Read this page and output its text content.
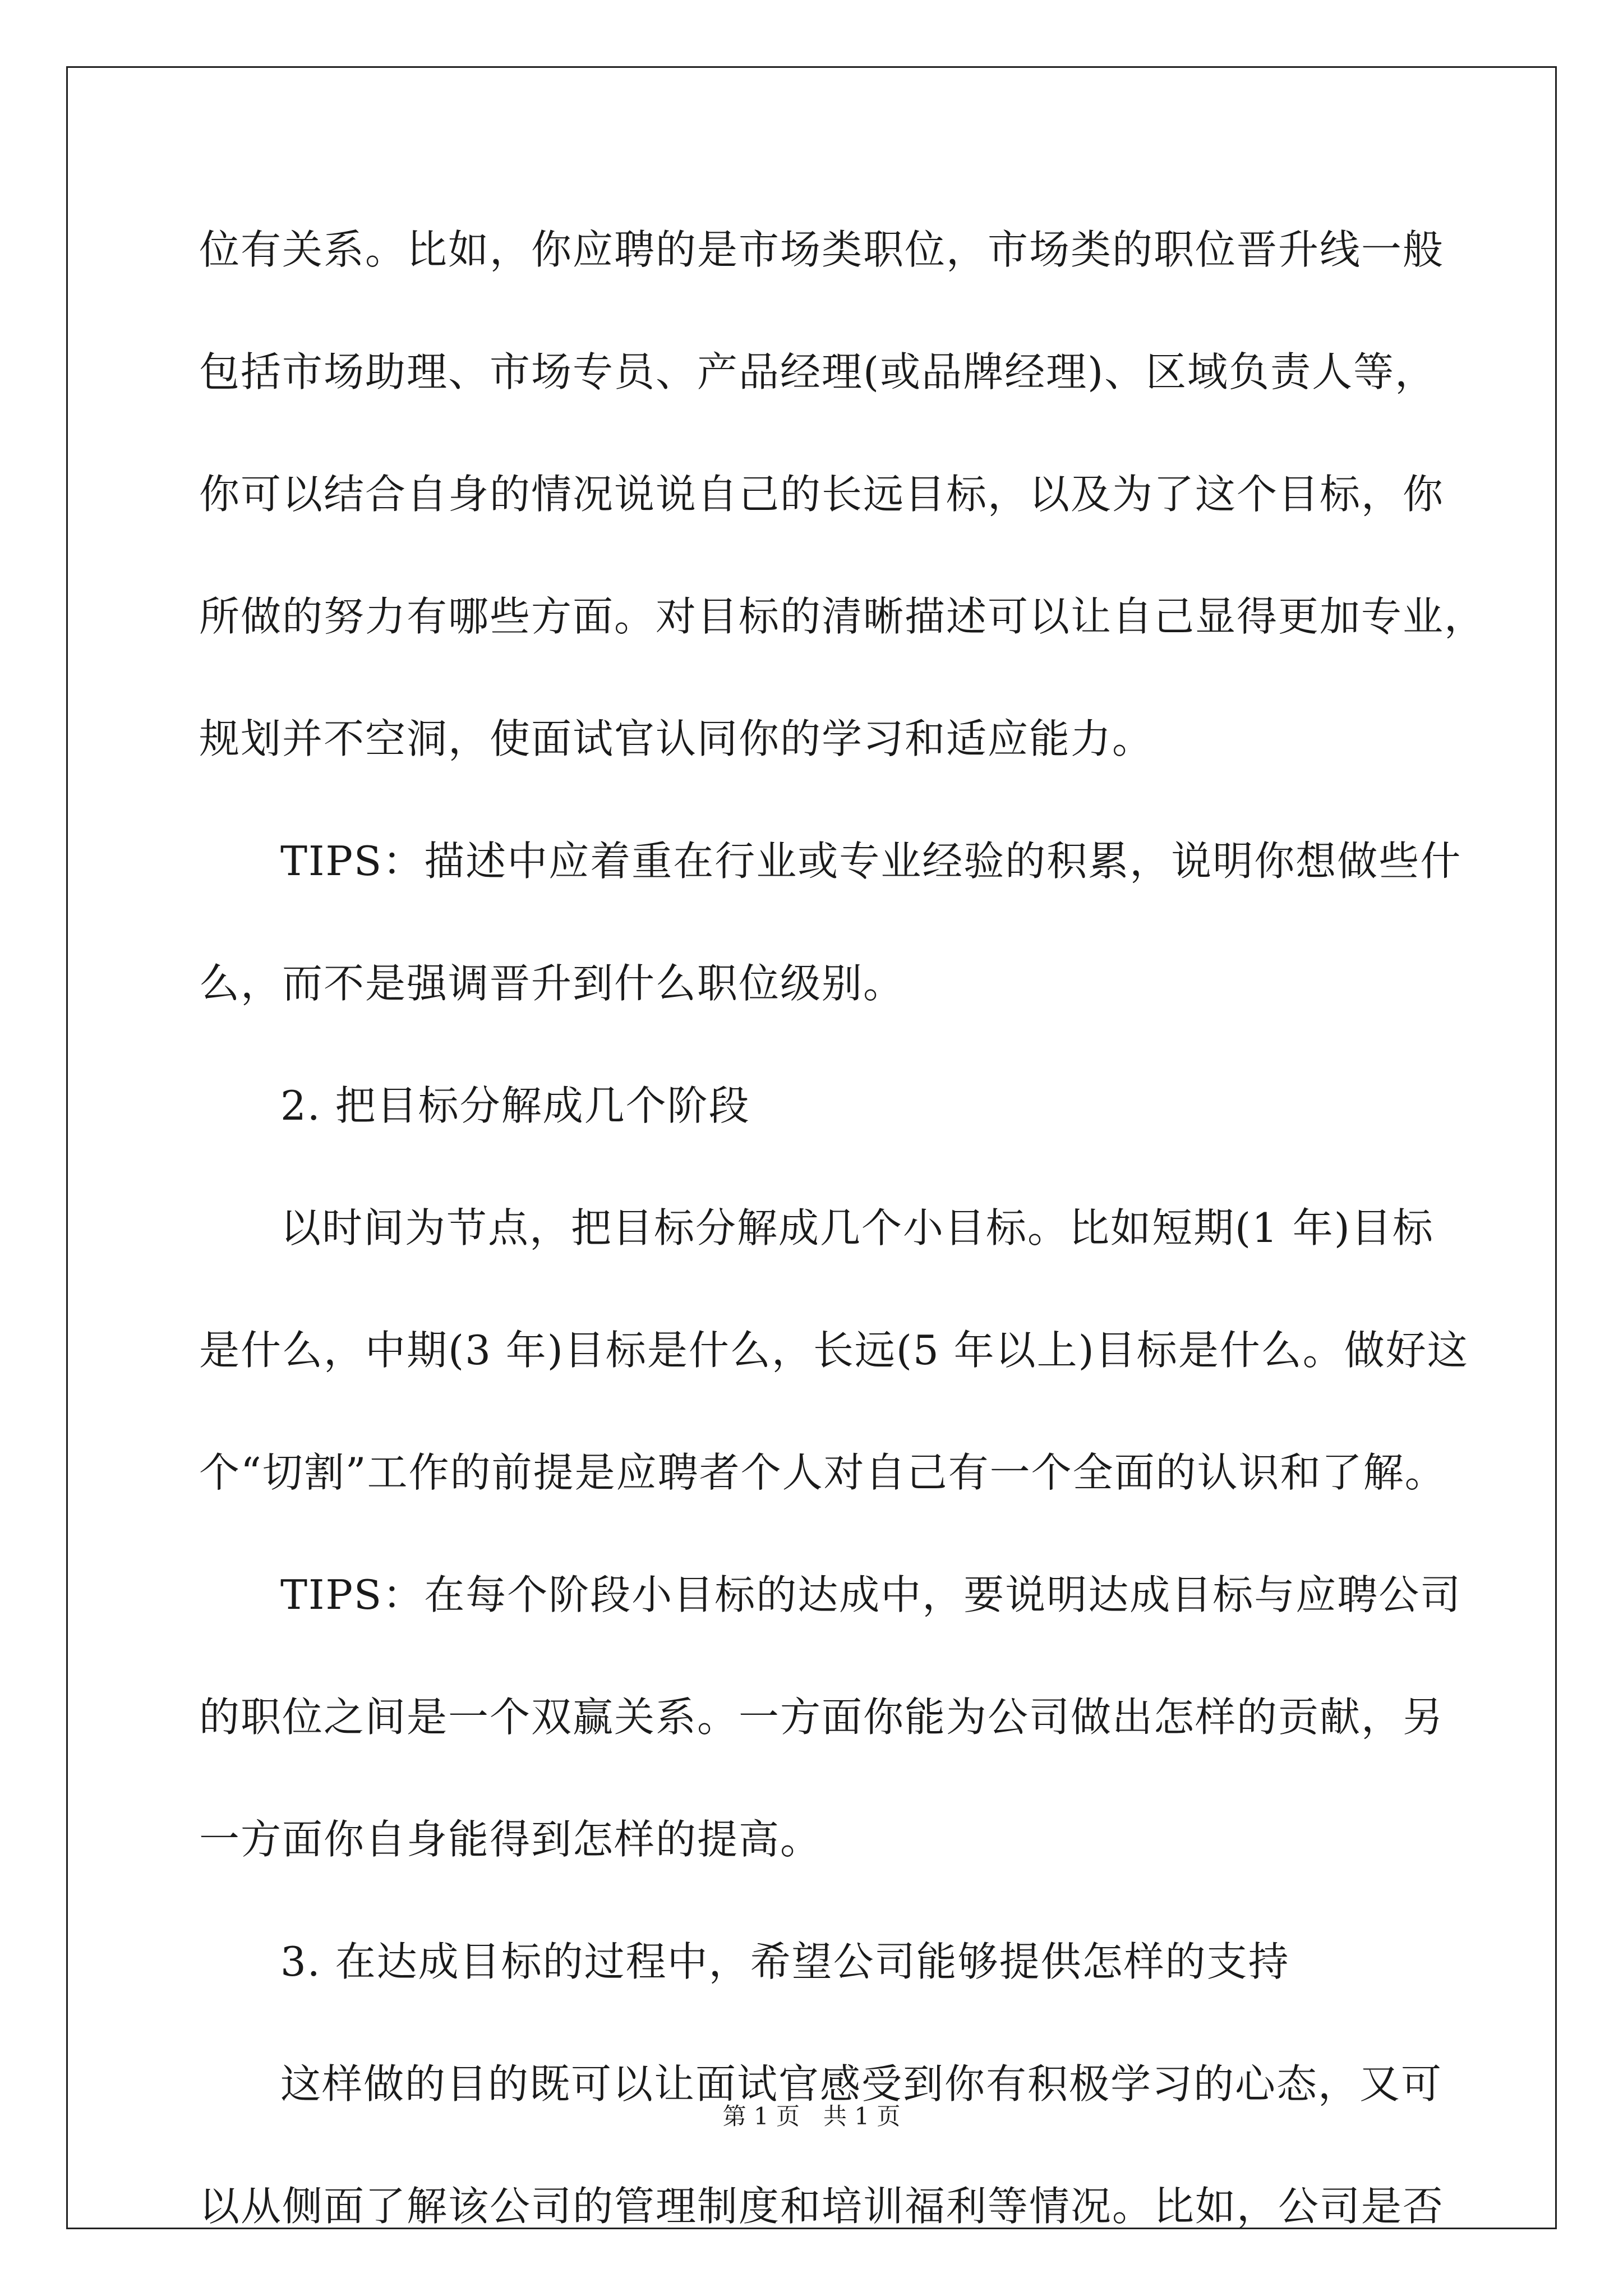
位有关系。比如，你应聘的是市场类职位，市场类的职位晋升线一般
包括市场助理、市场专员、产品经理(或品牌经理)、区域负责人等，
你可以结合自身的情况说说自己的长远目标，以及为了这个目标，你
所做的努力有哪些方面。对目标的清晰描述可以让自己显得更加专业，
规划并不空洞，使面试官认同你的学习和适应能力。
TIPS：描述中应着重在行业或专业经验的积累，说明你想做些什
么，而不是强调晋升到什么职位级别。
2. 把目标分解成几个阶段
以时间为节点，把目标分解成几个小目标。比如短期(1 年)目标
是什么，中期(3 年)目标是什么，长远(5 年以上)目标是什么。做好这
个“切割”工作的前提是应聘者个人对自己有一个全面的认识和了解。
TIPS：在每个阶段小目标的达成中，要说明达成目标与应聘公司
的职位之间是一个双赢关系。一方面你能为公司做出怎样的贡献，另
一方面你自身能得到怎样的提高。
3. 在达成目标的过程中，希望公司能够提供怎样的支持
这样做的目的既可以让面试官感受到你有积极学习的心态，又可
以从侧面了解该公司的管理制度和培训福利等情况。比如，公司是否
第 1 页　共 1 页
